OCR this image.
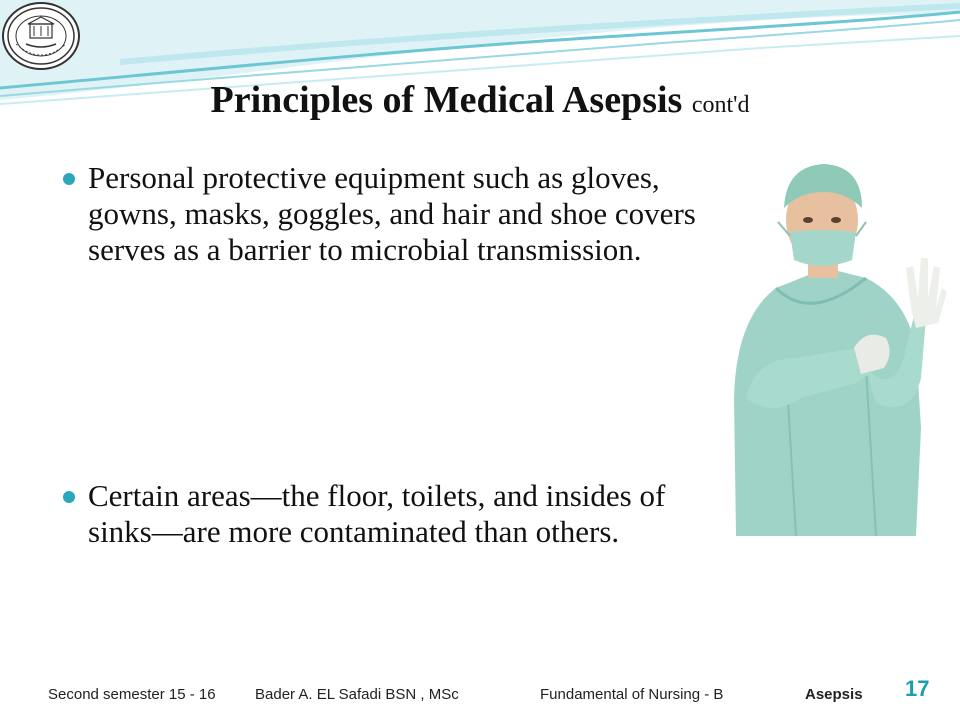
Principles of Medical Asepsis cont'd
Personal protective equipment such as gloves, gowns, masks, goggles, and hair and shoe covers serves as a barrier to microbial transmission.
Certain areas—the floor, toilets, and insides of sinks—are more contaminated than others.
Second semester 15 - 16	Bader A. EL Safadi BSN , MSc	Fundamental of Nursing - B	Asepsis 17
